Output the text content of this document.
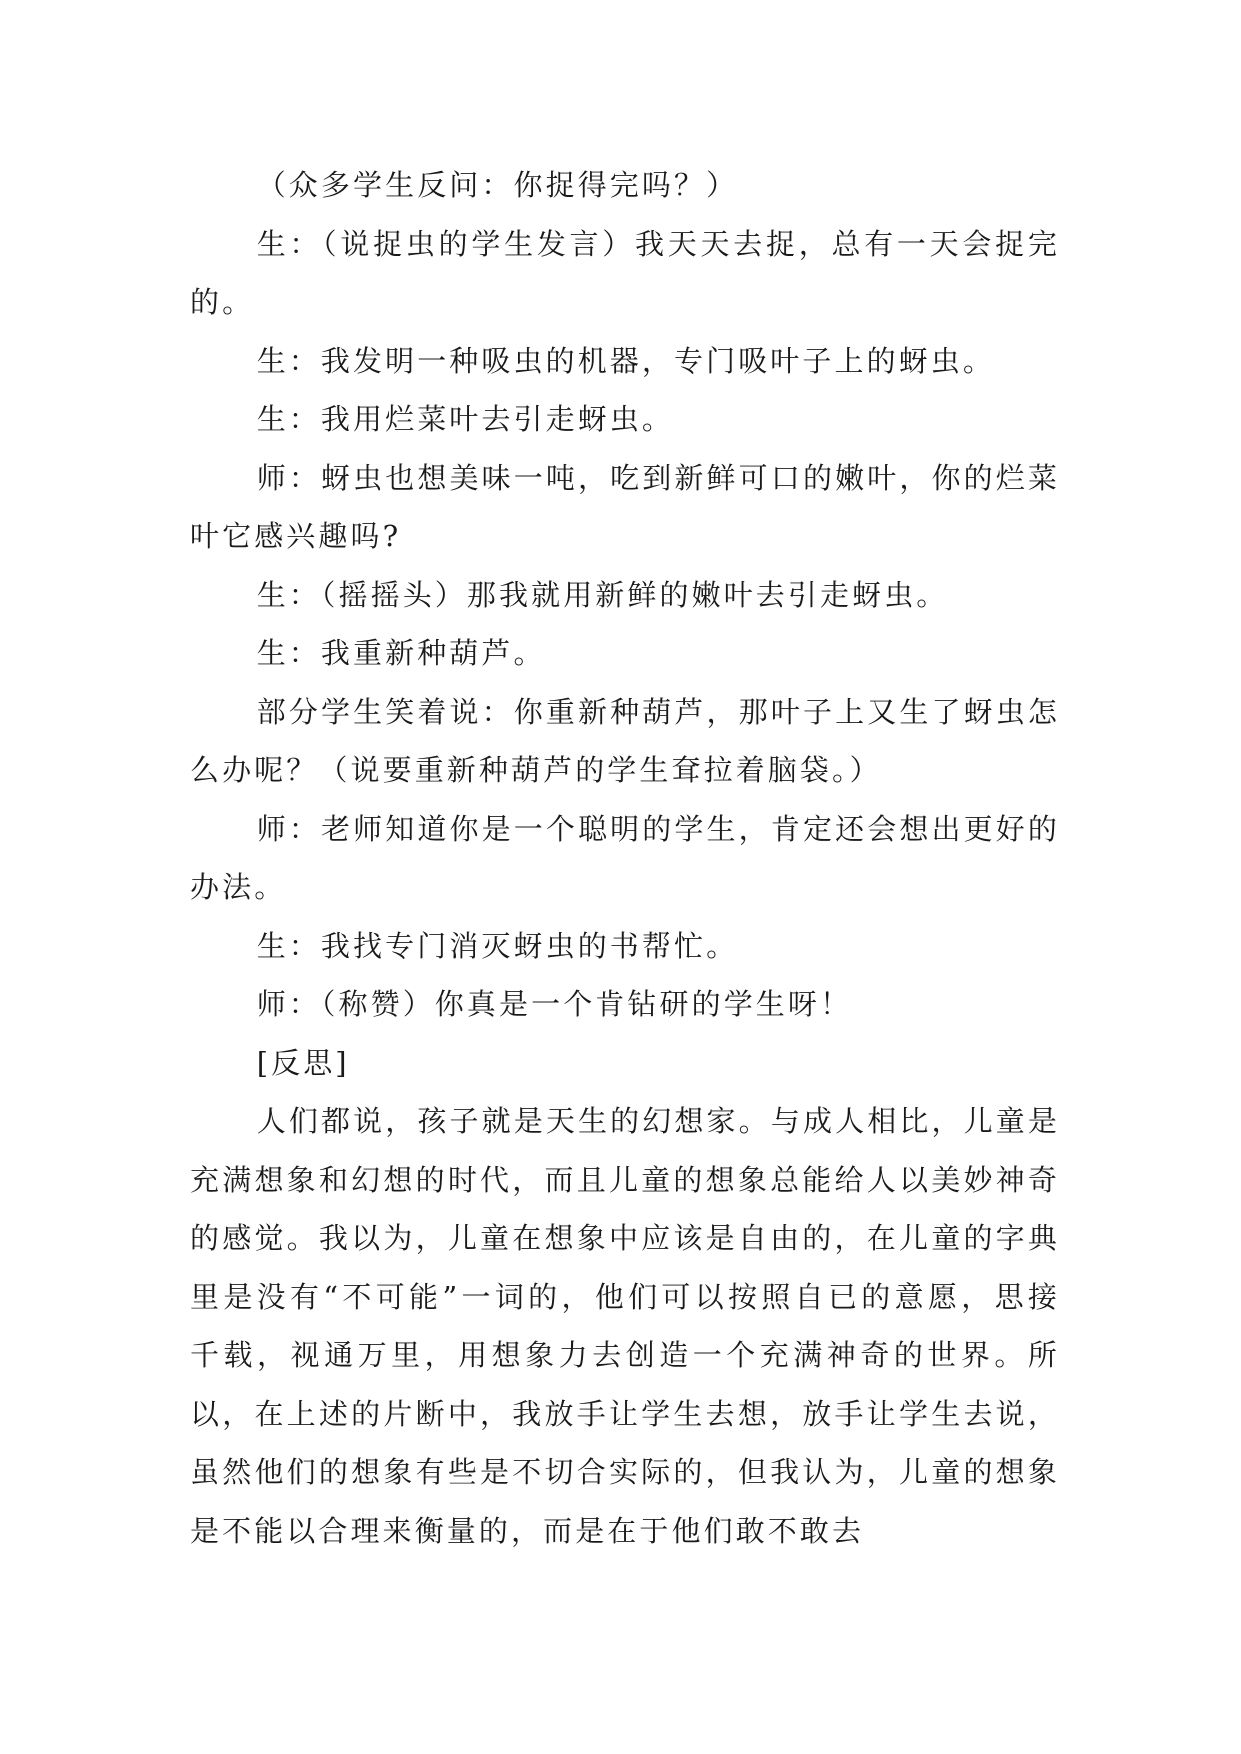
（众多学生反问：你捉得完吗？）

生：（说捉虫的学生发言）我天天去捉，总有一天会捉完的。

生：我发明一种吸虫的机器，专门吸叶子上的蚜虫。

生：我用烂菜叶去引走蚜虫。

师：蚜虫也想美味一吨，吃到新鲜可口的嫩叶，你的烂菜叶它感兴趣吗?

生：（摇摇头）那我就用新鲜的嫩叶去引走蚜虫。

生：我重新种葫芦。

部分学生笑着说：你重新种葫芦，那叶子上又生了蚜虫怎么办呢？（说要重新种葫芦的学生耷拉着脑袋。）

师：老师知道你是一个聪明的学生，肯定还会想出更好的办法。

生：我找专门消灭蚜虫的书帮忙。

师：（称赞）你真是一个肯钻研的学生呀！

[反思]

人们都说，孩子就是天生的幻想家。与成人相比，儿童是充满想象和幻想的时代，而且儿童的想象总能给人以美妙神奇的感觉。我以为，儿童在想象中应该是自由的，在儿童的字典里是没有“不可能”一词的，他们可以按照自已的意愿，思接千载，视通万里，用想象力去创造一个充满神奇的世界。所以，在上述的片断中，我放手让学生去想，放手让学生去说，虽然他们的想象有些是不切合实际的，但我认为，儿童的想象是不能以合理来衡量的，而是在于他们敢不敢去
